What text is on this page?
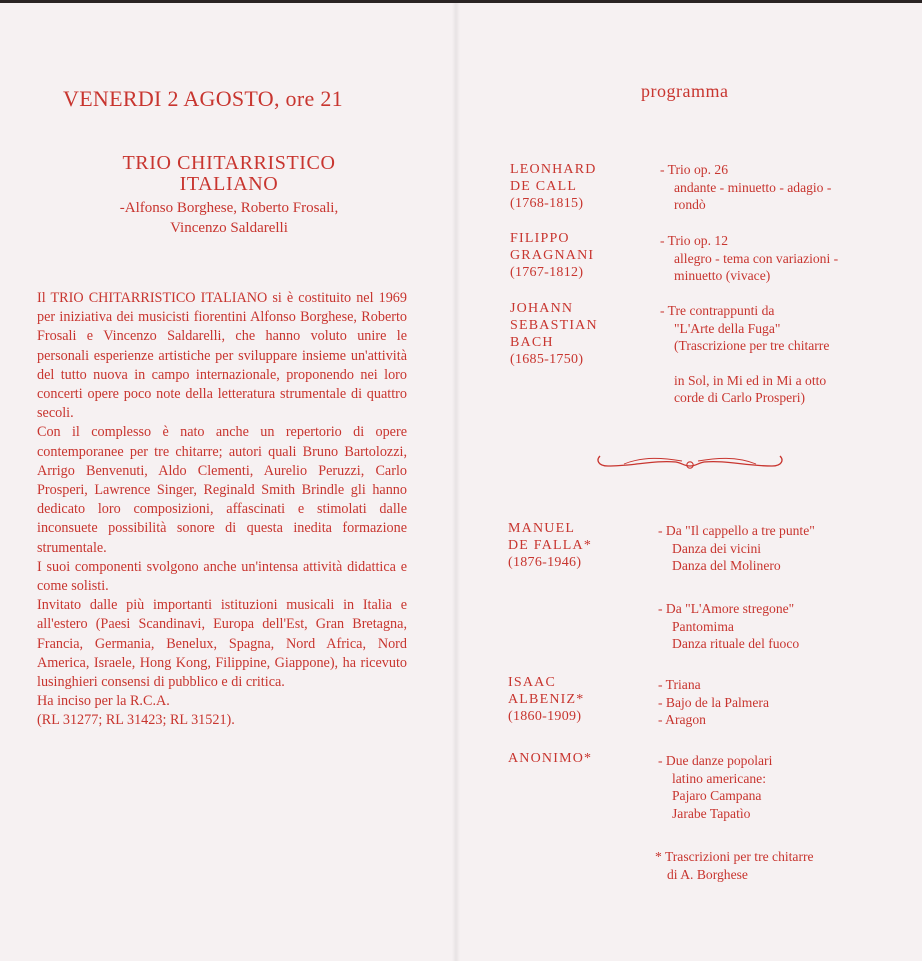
VENERDI 2 AGOSTO, ore 21
TRIO CHITARRISTICO
ITALIANO
-Alfonso Borghese, Roberto Frosali,
Vincenzo Saldarelli

Il TRIO CHITARRISTICO ITALIANO si è costituito nel 1969 per iniziativa dei musicisti fiorentini Alfonso Borghese, Roberto Frosali e Vincenzo Saldarelli, che hanno voluto unire le personali esperienze artistiche per sviluppare insieme un'attività del tutto nuova in campo internazionale, proponendo nei loro concerti opere poco note della letteratura strumentale di quattro secoli.

Con il complesso è nato anche un repertorio di opere contemporanee per tre chitarre; autori quali Bruno Bartolozzi, Arrigo Benvenuti, Aldo Clementi, Aurelio Peruzzi, Carlo Prosperi, Lawrence Singer, Reginald Smith Brindle gli hanno dedicato loro composizioni, affascinati e stimolati dalle inconsuete possibilità sonore di questa inedita formazione strumentale.

I suoi componenti svolgono anche un'intensa attività didattica e come solisti.

Invitato dalle più importanti istituzioni musicali in Italia e all'estero (Paesi Scandinavi, Europa dell'Est, Gran Bretagna, Francia, Germania, Benelux, Spagna, Nord Africa, Nord America, Israele, Hong Kong, Filippine, Giappone), ha ricevuto lusinghieri consensi di pubblico e di critica.

Ha inciso per la R.C.A.

(RL 31277; RL 31423; RL 31521).

programma
LEONHARD
DE CALL
(1768-1815)
- Trio op. 26
andante - minuetto - adagio -
rondò
FILIPPO
GRAGNANI
(1767-1812)
- Trio op. 12
allegro - tema con variazioni -
minuetto (vivace)
JOHANN
SEBASTIAN
BACH
(1685-1750)
- Tre contrappunti da
"L'Arte della Fuga"
(Trascrizione per tre chitarre
in Sol, in Mi ed in Mi a otto
corde di Carlo Prosperi)
MANUEL
DE FALLA*
(1876-1946)
- Da "Il cappello a tre punte"
Danza dei vicini
Danza del Molinero
- Da "L'Amore stregone"
Pantomima
Danza rituale del fuoco
ISAAC
ALBENIZ*
(1860-1909)
- Triana
- Bajo de la Palmera
- Aragon
ANONIMO*	- Due danze popolari
latino americane:
Pajaro Campana
Jarabe Tapatìo
* Trascrizioni per tre chitarre
di A. Borghese
